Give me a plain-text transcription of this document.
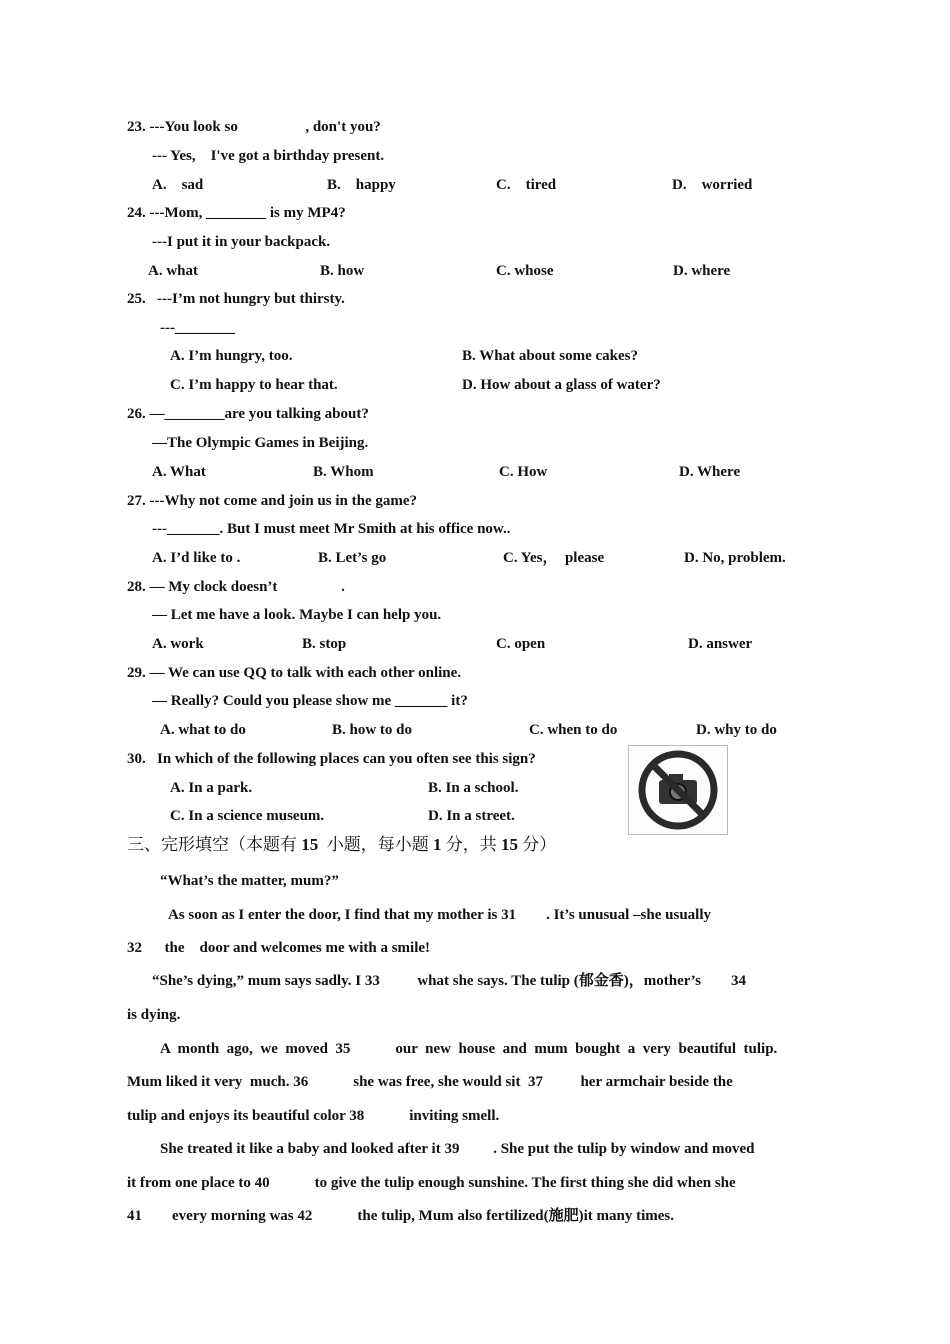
23. ---You look so                  , don't you?
--- Yes,    I've got a birthday present.
A.    sad	B.    happy	C.    tired	D.    worried
24. ---Mom, ________ is my MP4?
---I put it in your backpack.
A. what	B. how	C. whose	D. where
25.   ---I’m not hungry but thirsty.
---________
A. I’m hungry, too.	B. What about some cakes?
C. I’m happy to hear that.	D. How about a glass of water?
26. —________are you talking about?
—The Olympic Games in Beijing.
A. What	B. Whom	C. How	D. Where
27. ---Why not come and join us in the game?
---_______. But I must meet Mr Smith at his office now..
A. I’d like to .	B. Let’s go	C. Yes，  please	D. No, problem.
28. — My clock doesn’t                 .
— Let me have a look. Maybe I can help you.
A. work	B. stop	C. open	D. answer
29. — We can use QQ to talk with each other online.
— Really? Could you please show me _______ it?
A. what to do	B. how to do	C. when to do	D. why to do
30.   In which of the following places can you often see this sign?
A. In a park.	B. In a school.
C. In a science museum.	D. In a street.
三、完形填空（本题有 15  小题，每小题 1 分，共 15 分）
“What’s the matter, mum?”
As soon as I enter the door, I find that my mother is 31        . It’s unusual –she usually
32      the    door and welcomes me with a smile!
“She’s dying,” mum says sadly. I 33          what she says. The tulip (郁金香)，mother’s        34
is dying.
A  month  ago,  we  moved  35            our  new  house  and  mum  bought  a  very  beautiful  tulip.
Mum liked it very  much. 36            she was free, she would sit  37          her armchair beside the
tulip and enjoys its beautiful color 38            inviting smell.
She treated it like a baby and looked after it 39         . She put the tulip by window and moved
it from one place to 40            to give the tulip enough sunshine. The first thing she did when she
41        every morning was 42            the tulip, Mum also fertilized(施肥)it many times.
